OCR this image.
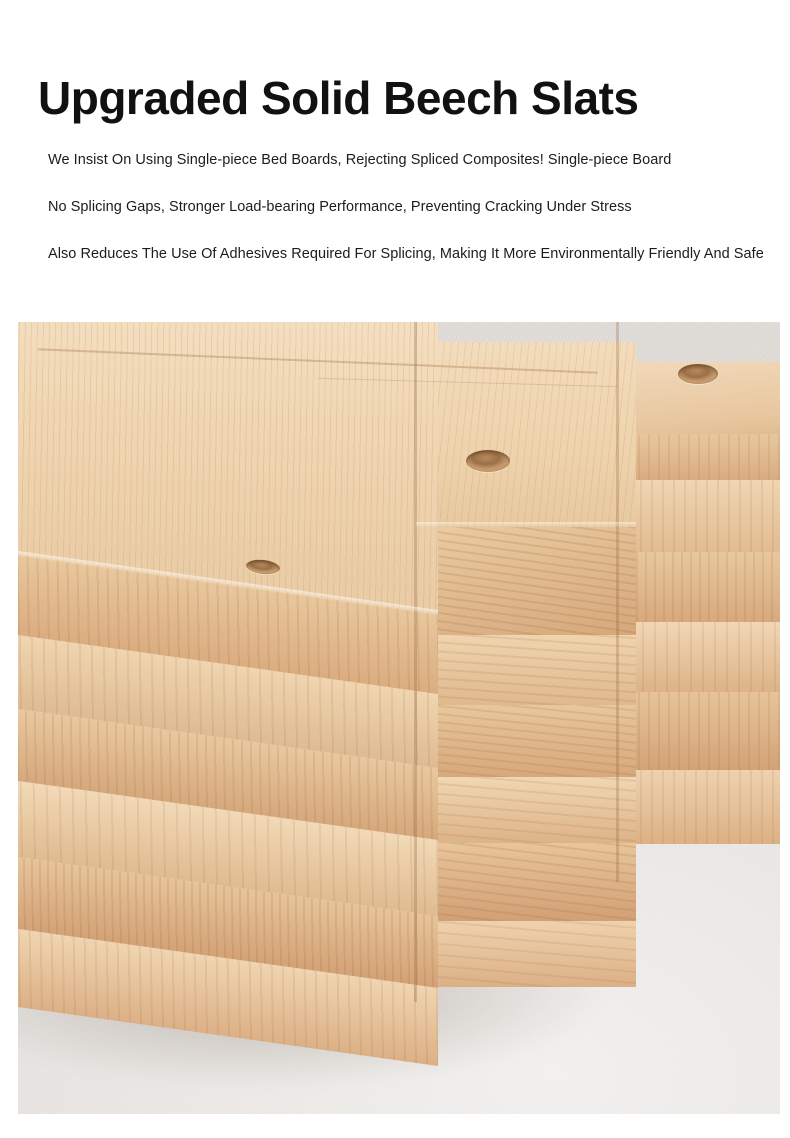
Upgraded Solid Beech Slats
We Insist On Using Single-piece Bed Boards, Rejecting Spliced Composites! Single-piece Board
No Splicing Gaps, Stronger Load-bearing Performance, Preventing Cracking Under Stress
Also Reduces The Use Of Adhesives Required For Splicing, Making It More Environmentally Friendly And Safe
